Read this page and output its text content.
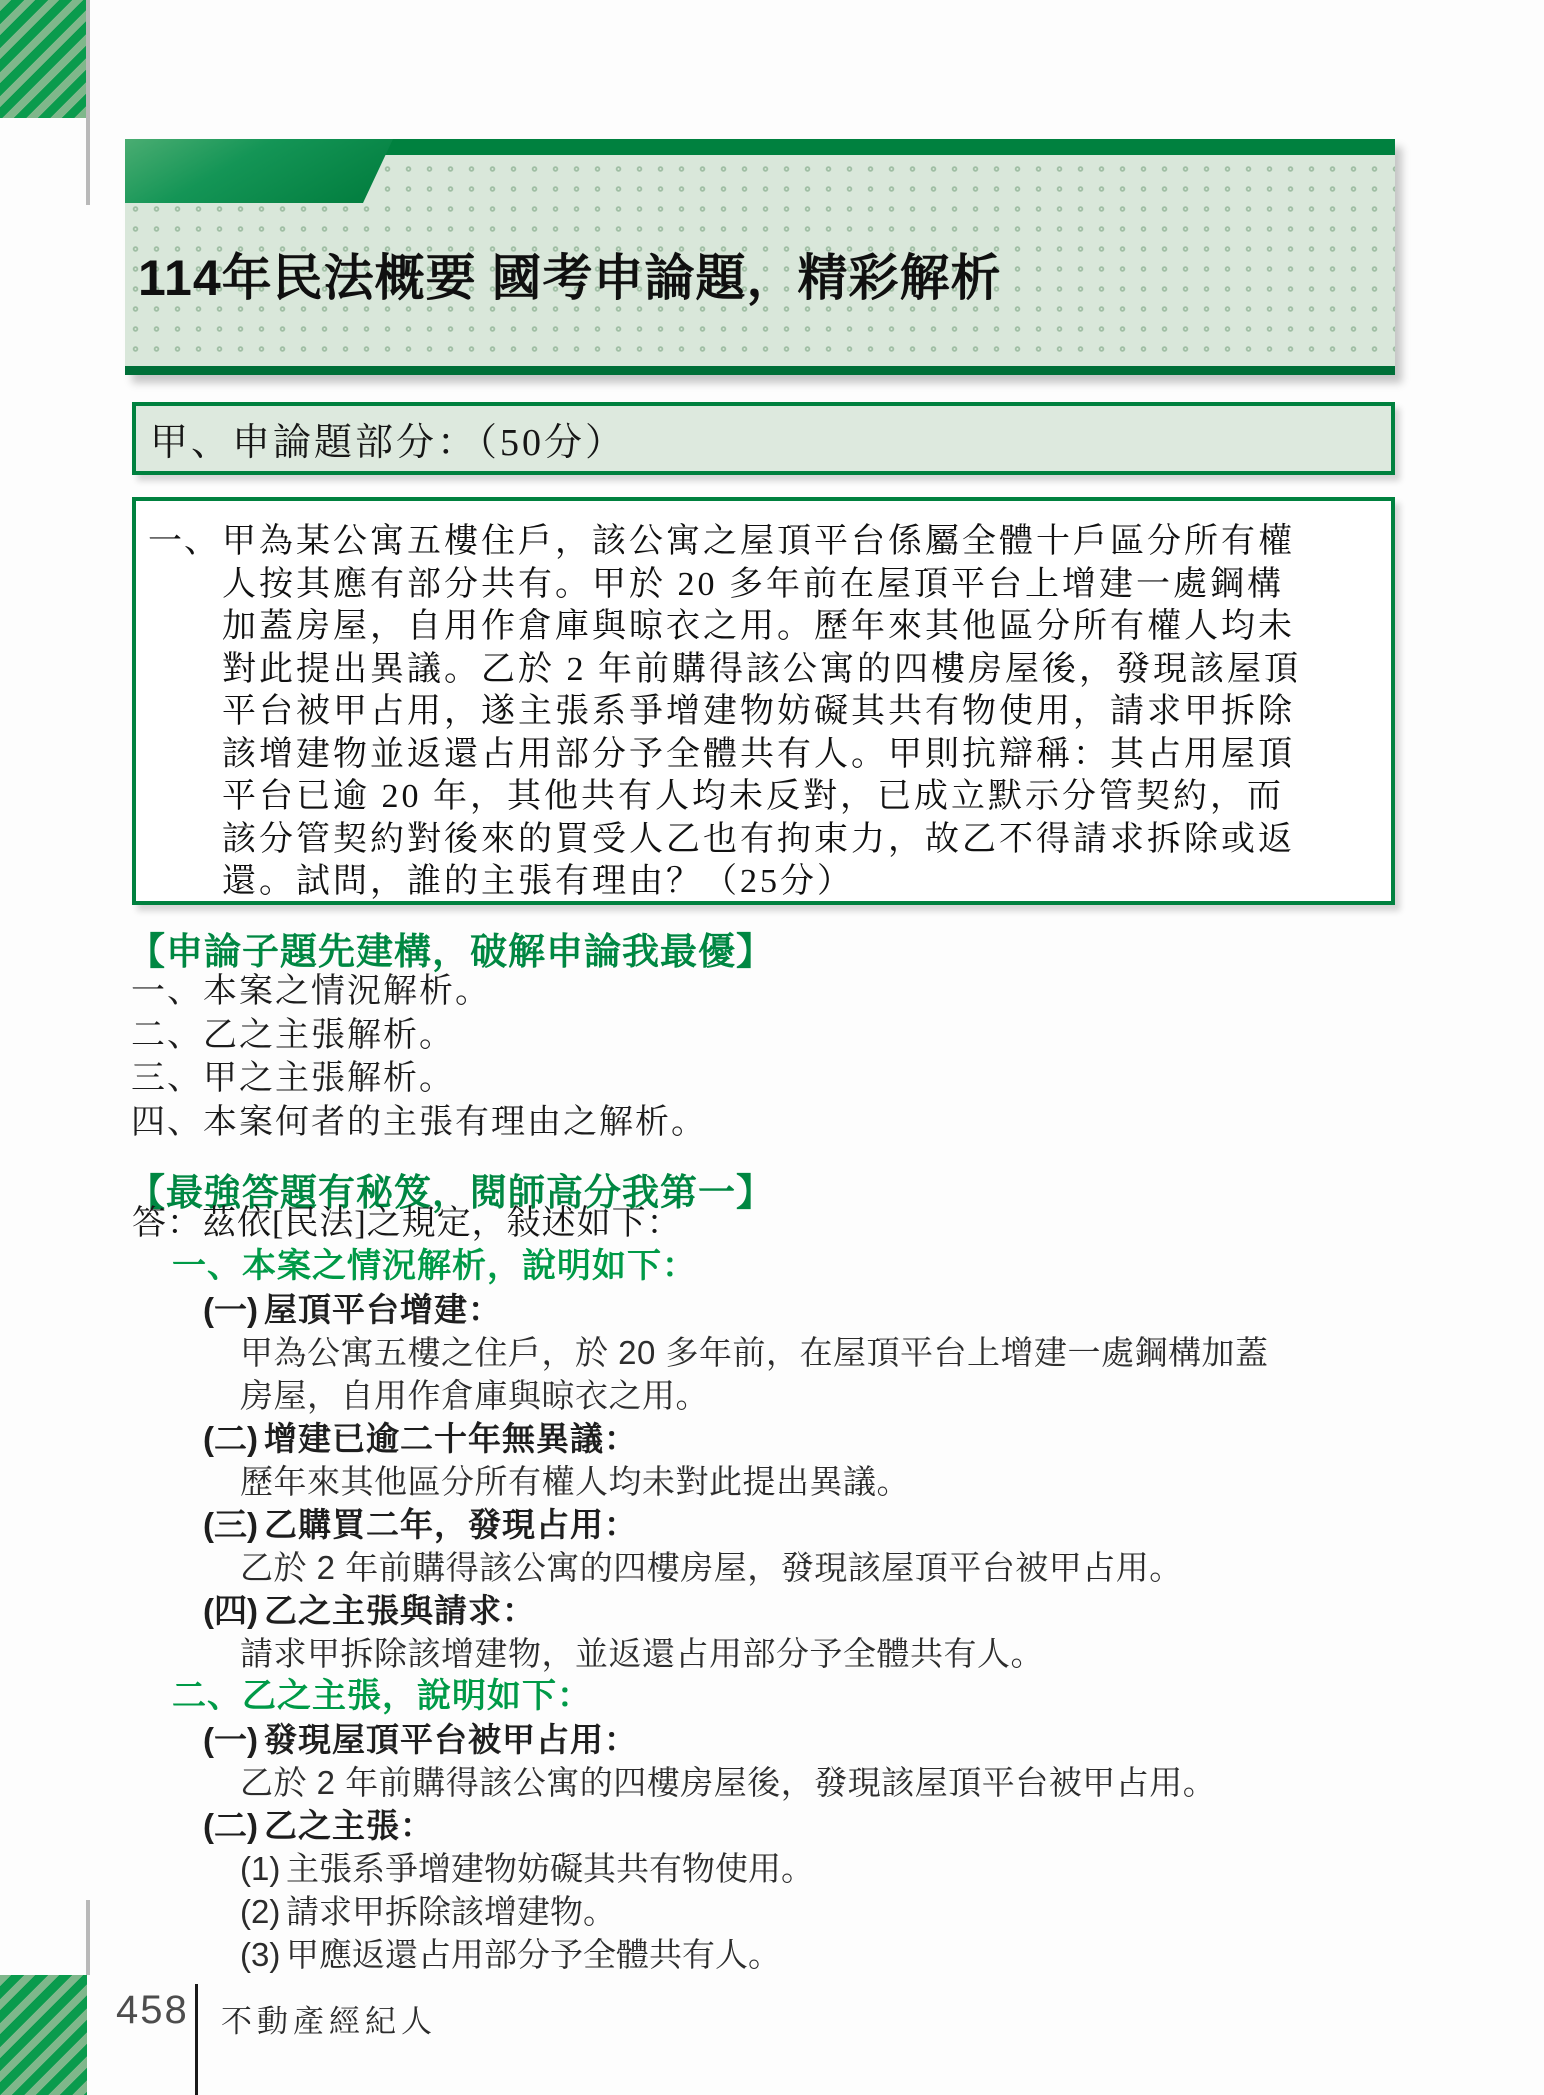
114年民法概要 國考申論題，精彩解析
甲、申論題部分：（50分）
一、 甲為某公寓五樓住戶，該公寓之屋頂平台係屬全體十戶區分所有權
人按其應有部分共有。甲於 20 多年前在屋頂平台上增建一處鋼構
加蓋房屋，自用作倉庫與晾衣之用。歷年來其他區分所有權人均未
對此提出異議。乙於 2 年前購得該公寓的四樓房屋後，發現該屋頂
平台被甲占用，遂主張系爭增建物妨礙其共有物使用，請求甲拆除
該增建物並返還占用部分予全體共有人。甲則抗辯稱：其占用屋頂
平台已逾 20 年，其他共有人均未反對，已成立默示分管契約，而
該分管契約對後來的買受人乙也有拘束力，故乙不得請求拆除或返
還。試問，誰的主張有理由？（25分）
【申論子題先建構，破解申論我最優】
一、本案之情況解析。
二、乙之主張解析。
三、甲之主張解析。
四、本案何者的主張有理由之解析。
【最強答題有秘笈，閱師高分我第一】
答：茲依[民法]之規定，敍述如下：
一、本案之情況解析，說明如下：
(一) 屋頂平台增建：
甲為公寓五樓之住戶，於 20 多年前，在屋頂平台上增建一處鋼構加蓋
房屋，自用作倉庫與晾衣之用。
(二) 增建已逾二十年無異議：
歷年來其他區分所有權人均未對此提出異議。
(三) 乙購買二年，發現占用：
乙於 2 年前購得該公寓的四樓房屋，發現該屋頂平台被甲占用。
(四) 乙之主張與請求：
請求甲拆除該增建物，並返還占用部分予全體共有人。
二、乙之主張，說明如下：
(一) 發現屋頂平台被甲占用：
乙於 2 年前購得該公寓的四樓房屋後，發現該屋頂平台被甲占用。
(二) 乙之主張：
(1) 主張系爭增建物妨礙其共有物使用。
(2) 請求甲拆除該增建物。
(3) 甲應返還占用部分予全體共有人。
458 不動產經紀人
